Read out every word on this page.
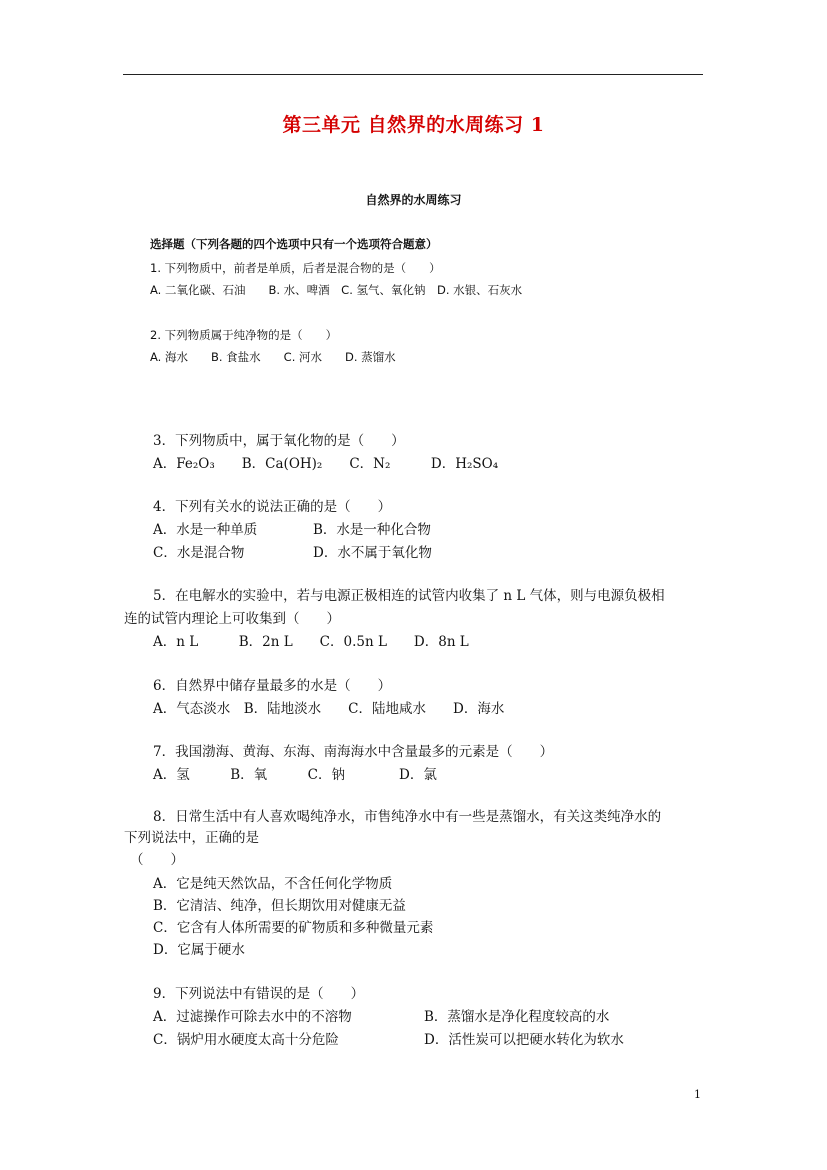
第三单元 自然界的水周练习 1
自然界的水周练习
选择题（下列各题的四个选项中只有一个选项符合题意）
1. 下列物质中，前者是单质，后者是混合物的是（　　）
A. 二氧化碳、石油　　B. 水、啤酒　C. 氢气、氧化钠　D. 水银、石灰水
2. 下列物质属于纯净物的是（　　）
A. 海水　　B. 食盐水　　C. 河水　　D. 蒸馏水
3．下列物质中，属于氧化物的是（　　）
A．Fe₂O₃　　B．Ca(OH)₂　　C．N₂　　　D．H₂SO₄
4．下列有关水的说法正确的是（　　）
A．水是一种单质	B．水是一种化合物
C．水是混合物	D．水不属于氧化物
5．在电解水的实验中，若与电源正极相连的试管内收集了 n L 气体，则与电源负极相
连的试管内理论上可收集到（　　）
A．n L　　　B．2n L　　C．0.5n L　　D．8n L
6．自然界中储存量最多的水是（　　）
A．气态淡水　B．陆地淡水　　C．陆地咸水　　D．海水
7．我国渤海、黄海、东海、南海海水中含量最多的元素是（　　）
A．氢　　　B．氧　　　C．钠　　　　D．氯
8．日常生活中有人喜欢喝纯净水，市售纯净水中有一些是蒸馏水，有关这类纯净水的
下列说法中，正确的是
（　　）
A．它是纯天然饮品，不含任何化学物质
B．它清洁、纯净，但长期饮用对健康无益
C．它含有人体所需要的矿物质和多种微量元素
D．它属于硬水
9．下列说法中有错误的是（　　）
A．过滤操作可除去水中的不溶物	B．蒸馏水是净化程度较高的水
C．锅炉用水硬度太高十分危险	D．活性炭可以把硬水转化为软水
1
